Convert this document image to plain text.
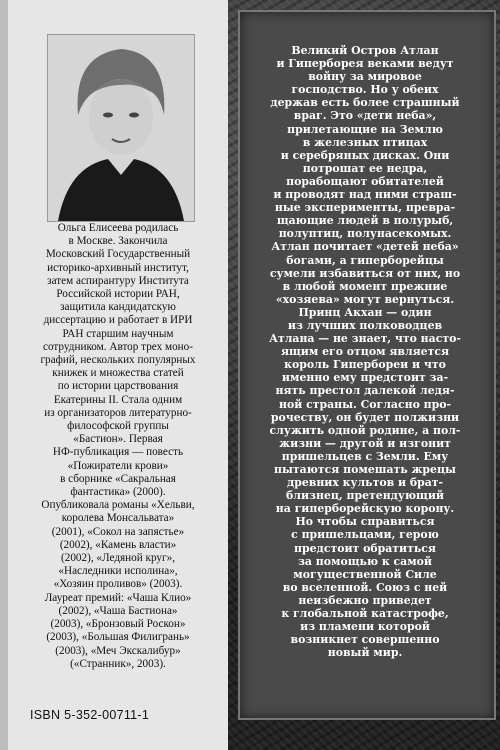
Ольга Елисеева родилась

в Москве. Закончила

Московский Государственный

историко-архивный институт,

затем аспирантуру Института

Российской истории РАН,

защитила кандидатскую

диссертацию и работает в ИРИ

РАН старшим научным

сотрудником. Автор трех моно-

графий, нескольких популярных

книжек и множества статей

по истории царствования

Екатерины II. Стала одним

из организаторов литературно-

философской группы

«Бастион». Первая

НФ-публикация — повесть

«Пожиратели крови»

в сборнике «Сакральная

фантастика» (2000).

Опубликовала романы «Хельви,

королева Монсальвата»

(2001), «Сокол на запястье»

(2002), «Камень власти»

(2002), «Ледяной круг»,

«Наследники исполина»,

«Хозяин проливов» (2003).

Лауреат премий: «Чаша Клио»

(2002), «Чаша Бастиона»

(2003), «Бронзовый Роскон»

(2003), «Большая Филигрань»

(2003), «Меч Экскалибур»

(«Странник», 2003).

ISBN 5-352-00711-1

Великий Остров Атлан

и Гиперборея веками ведут

войну за мировое

господство. Но у обеих

держав есть более страшный

враг. Это «дети неба»,

прилетающие на Землю

в железных птицах

и серебряных дисках. Они

потрошат ее недра,

порабощают обитателей

и проводят над ними страш-

ные эксперименты, превра-

щающие людей в полурыб,

полуптиц, полунасекомых.

Атлан почитает «детей неба»

богами, а гиперборейцы

сумели избавиться от них, но

в любой момент прежние

«хозяева» могут вернуться.

Принц Акхан — один

из лучших полководцев

Атлана — не знает, что насто-

ящим его отцом является

король Гипербореи и что

именно ему предстоит за-

нять престол далекой ледя-

ной страны. Согласно про-

рочеству, он будет полжизни

служить одной родине, а пол-

жизни — другой и изгонит

пришельцев с Земли. Ему

пытаются помешать жрецы

древних культов и брат-

близнец, претендующий

на гиперборейскую корону.

Но чтобы справиться

с пришельцами, герою

предстоит обратиться

за помощью к самой

могущественной Силе

во вселенной. Союз с ней

неизбежно приведет

к глобальной катастрофе,

из пламени которой

возникнет совершенно

новый мир.
